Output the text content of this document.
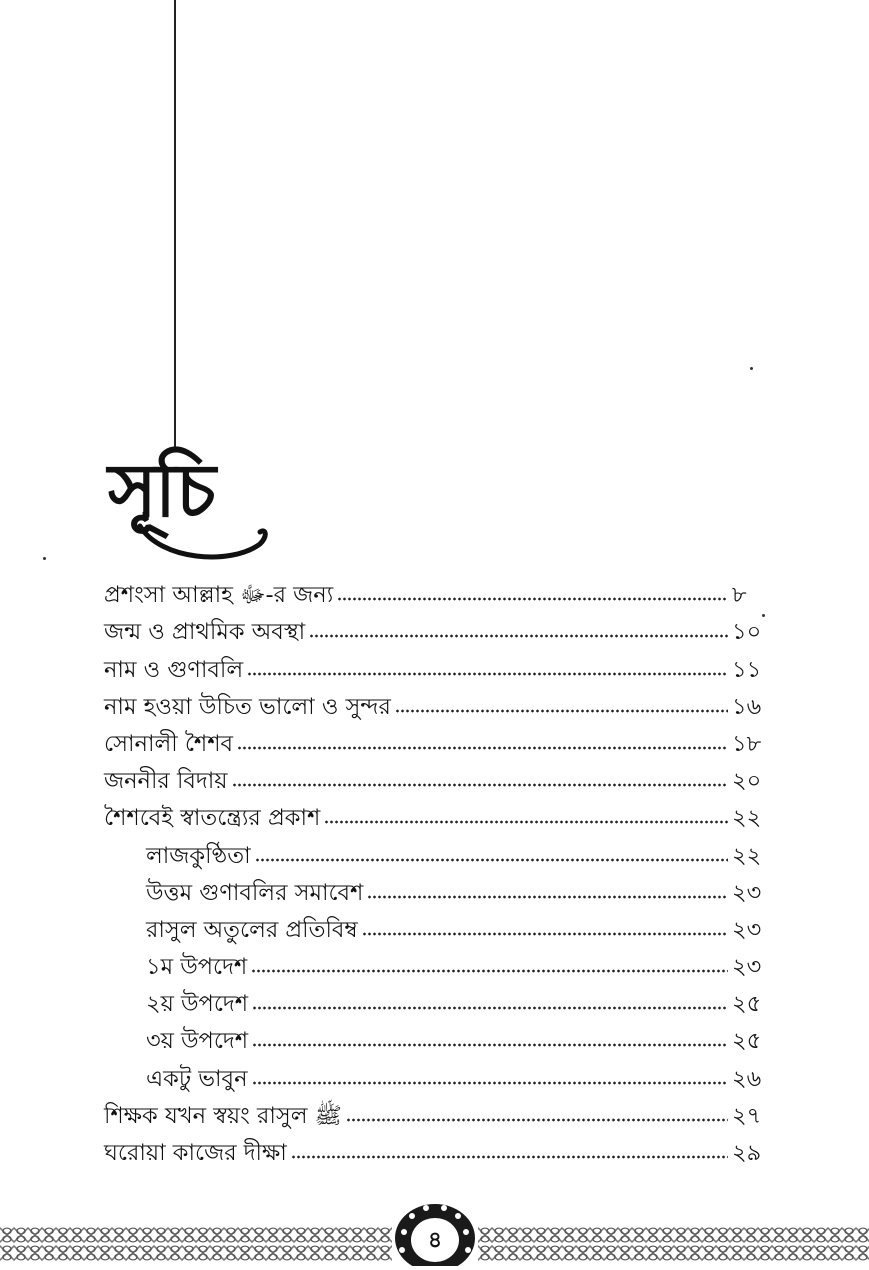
সূচি
প্রশংসা আল্লাহ ﷻ-র জন্য	৮
জন্ম ও প্রাথমিক অবস্থা	১০
নাম ও গুণাবলি	১১
নাম হওয়া উচিত ভালো ও সুন্দর	১৬
সোনালী শৈশব	১৮
জননীর বিদায়	২০
শৈশবেই স্বাতন্ত্র্যের প্রকাশ	২২
লাজকুণ্ঠিতা	২২
উত্তম গুণাবলির সমাবেশ	২৩
রাসুল অতুলের প্রতিবিম্ব	২৩
১ম উপদেশ	২৩
২য় উপদেশ	২৫
৩য় উপদেশ	২৫
একটু ভাবুন	২৬
শিক্ষক যখন স্বয়ং রাসুল ﷺ	২৭
ঘরোয়া কাজের দীক্ষা	২৯
৪
